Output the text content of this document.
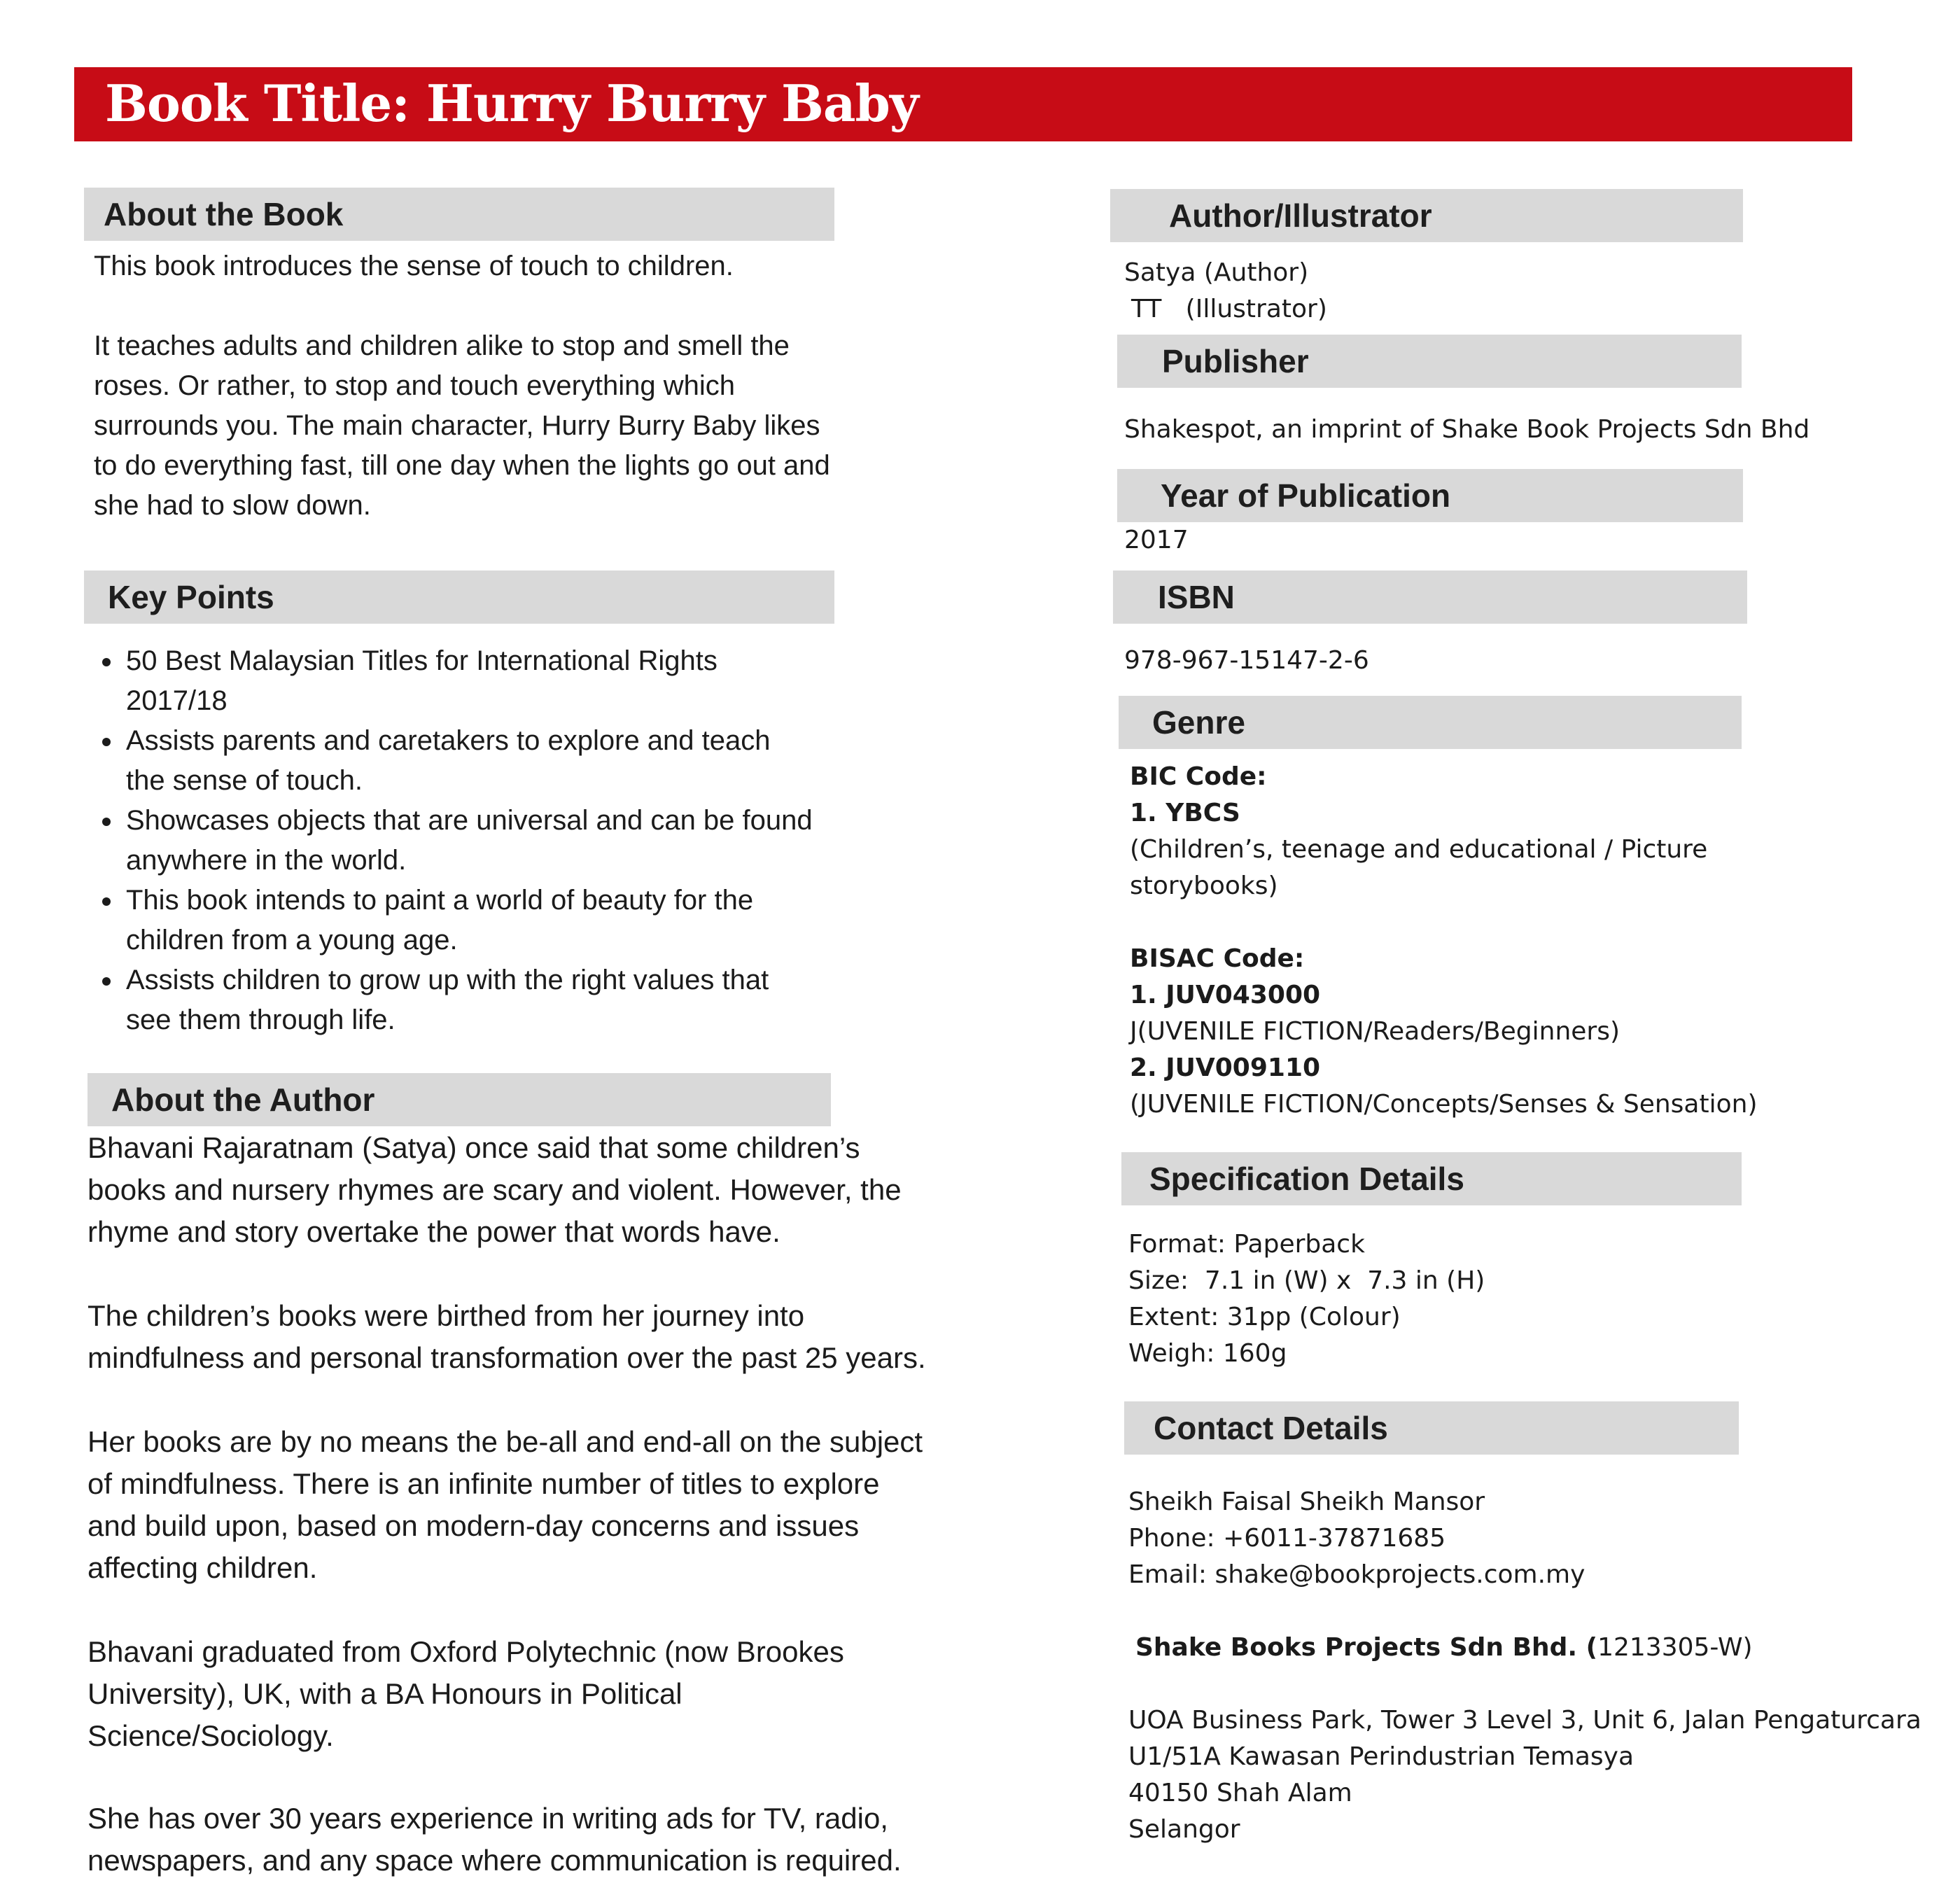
Book Title: Hurry Burry Baby
About the Book

This book introduces the sense of touch to children.

It teaches adults and children alike to stop and smell the

roses. Or rather, to stop and touch everything which

surrounds you. The main character, Hurry Burry Baby likes

to do everything fast, till one day when the lights go out and

she had to slow down.

Key Points
50 Best Malaysian Titles for International Rights
2017/18
Assists parents and caretakers to explore and teach
the sense of touch.
Showcases objects that are universal and can be found
anywhere in the world.
This book intends to paint a world of beauty for the
children from a young age.
Assists children to grow up with the right values that
see them through life.
About the Author
Bhavani Rajaratnam (Satya) once said that some children’s
books and nursery rhymes are scary and violent. However, the
rhyme and story overtake the power that words have.
The children’s books were birthed from her journey into
mindfulness and personal transformation over the past 25 years.
Her books are by no means the be-all and end-all on the subject
of mindfulness. There is an infinite number of titles to explore
and build upon, based on modern-day concerns and issues
affecting children.
Bhavani graduated from Oxford Polytechnic (now Brookes
University), UK, with a BA Honours in Political
Science/Sociology.
She has over 30 years experience in writing ads for TV, radio,
newspapers, and any space where communication is required.
Author/Illustrator
Satya (Author)
TT   (Illustrator)
Publisher
Shakespot, an imprint of Shake Book Projects Sdn Bhd
Year of Publication
2017
ISBN
978-967-15147-2-6
Genre
BIC Code:
1. YBCS
(Children’s, teenage and educational / Picture
storybooks)
BISAC Code:
1. JUV043000
J(UVENILE FICTION/Readers/Beginners)
2. JUV009110
(JUVENILE FICTION/Concepts/Senses & Sensation)
Specification Details
Format: Paperback
Size:  7.1 in (W) x  7.3 in (H)
Extent: 31pp (Colour)
Weigh: 160g
Contact Details
Sheikh Faisal Sheikh Mansor
Phone: +6011-37871685
Email: shake@bookprojects.com.my
Shake Books Projects Sdn Bhd. (1213305-W)
UOA Business Park, Tower 3 Level 3, Unit 6, Jalan Pengaturcara
U1/51A Kawasan Perindustrian Temasya
40150 Shah Alam
Selangor
